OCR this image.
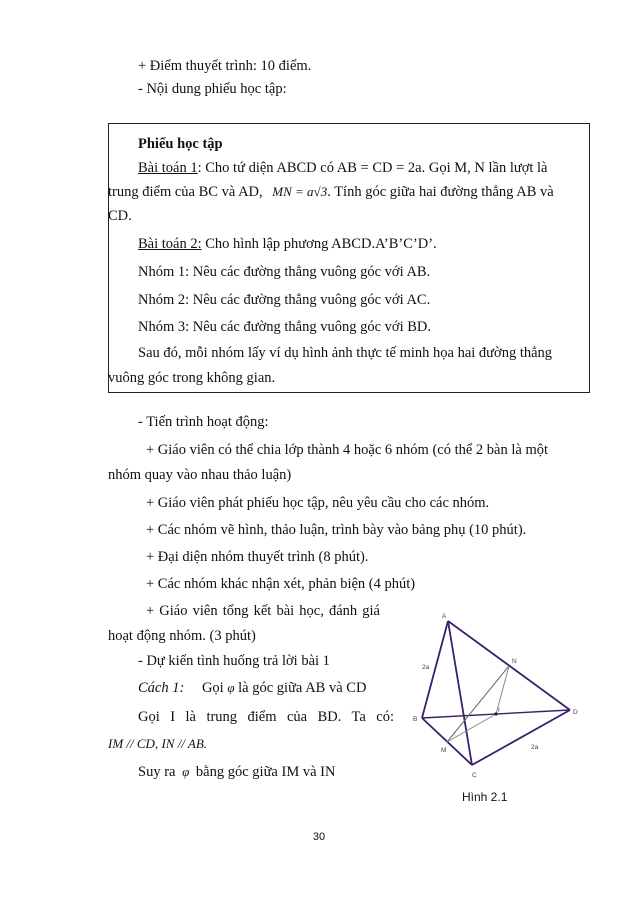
+ Điểm thuyết trình: 10 điểm.
- Nội dung phiếu học tập:
Phiếu học tập
Bài toán 1: Cho tứ diện ABCD có AB = CD = 2a. Gọi M, N lần lượt là
trung điểm của BC và AD, MN = a√3. Tính góc giữa hai đường thẳng AB và
CD.
Bài toán 2: Cho hình lập phương ABCD.A’B’C’D’.
Nhóm 1: Nêu các đường thẳng vuông góc với AB.
Nhóm 2: Nêu các đường thẳng vuông góc với AC.
Nhóm 3: Nêu các đường thẳng vuông góc với BD.
Sau đó, mỗi nhóm lấy ví dụ hình ảnh thực tế minh họa hai đường thẳng
vuông góc trong không gian.
- Tiến trình hoạt động:
+ Giáo viên có thể chia lớp thành 4 hoặc 6 nhóm (có thể 2 bàn là một
nhóm quay vào nhau thảo luận)
+ Giáo viên phát phiếu học tập, nêu yêu cầu cho các nhóm.
+ Các nhóm vẽ hình, thảo luận, trình bày vào bảng phụ (10 phút).
+ Đại diện nhóm thuyết trình (8 phút).
+ Các nhóm khác nhận xét, phản biện (4 phút)
+ Giáo viên tổng kết bài học, đánh giá
hoạt động nhóm. (3 phút)
- Dự kiến tình huống trả lời bài 1
Cách 1: Gọi φ là góc giữa AB và CD
Gọi I là trung điểm của BD. Ta có:
IM // CD, IN // AB.
Suy ra φ bằng góc giữa IM và IN
A
B
C
D
M
N
I
2a
2a
Hình 2.1
30
